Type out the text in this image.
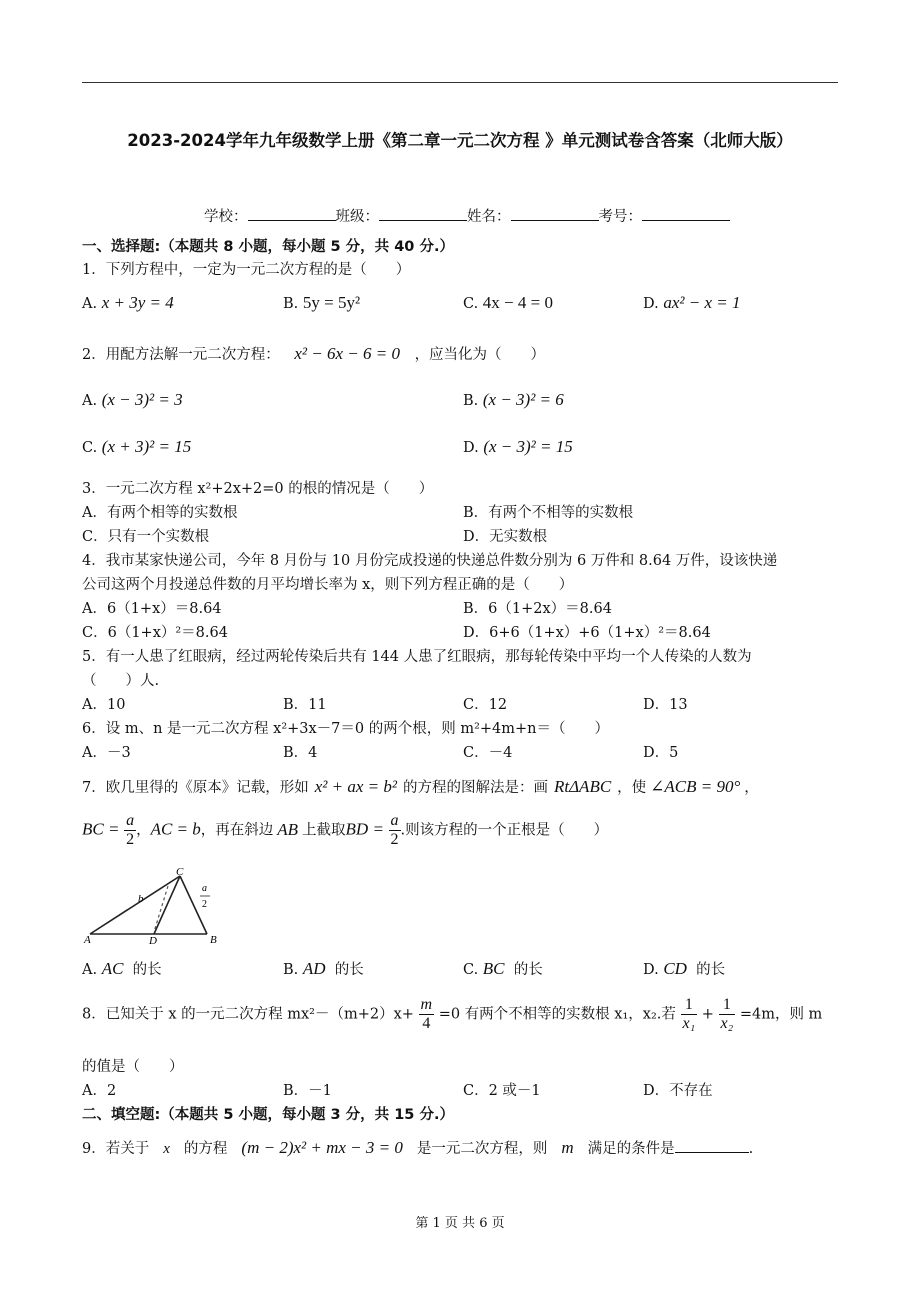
2023-2024学年九年级数学上册《第二章一元二次方程 》单元测试卷含答案（北师大版）
学校：	班级：	姓名：	考号：
一、选择题:（本题共 8 小题，每小题 5 分，共 40 分.）
1．下列方程中，一定为一元二次方程的是（　　）
A. x + 3y = 4	B. 5y = 5y²	C. 4x − 4 = 0	D. ax² − x = 1
2．用配方法解一元二次方程： x² − 6x − 6 = 0 ，应当化为（　　）
A. (x − 3)² = 3	B. (x − 3)² = 6
C. (x + 3)² = 15	D. (x − 3)² = 15
3．一元二次方程 x²+2x+2=0 的根的情况是（　　）
A．有两个相等的实数根	B．有两个不相等的实数根
C．只有一个实数根	D．无实数根
4．我市某家快递公司，今年 8 月份与 10 月份完成投递的快递总件数分别为 6 万件和 8.64 万件，设该快递
公司这两个月投递总件数的月平均增长率为 x，则下列方程正确的是（　　）
A．6（1+x）＝8.64	B．6（1+2x）＝8.64
C．6（1+x）²＝8.64	D．6+6（1+x）+6（1+x）²＝8.64
5．有一人患了红眼病，经过两轮传染后共有 144 人患了红眼病，那每轮传染中平均一个人传染的人数为
（　　）人.
A．10	B．11	C．12	D．13
6．设 m、n 是一元二次方程 x²+3x－7＝0 的两个根，则 m²+4m+n＝（　　）
A．－3	B．4	C．－4	D．5
7．欧几里得的《原本》记载，形如 x² + ax = b² 的方程的图解法是：画 RtΔABC ，使 ∠ACB = 90° ，
BC = $\frac{a}{2}$ ，AC = b，再在斜边 AB 上截取BD = $\frac{a}{2}$ .则该方程的一个正根是（　　）
C
A	D	B
b
a
2
A. AC 的长	B. AD 的长	C. BC 的长	D. CD 的长
8．已知关于 x 的一元二次方程 $mx^2-(m+2)x+ \frac{m}{4} =0$ 有两个不相等的实数根 x₁，x₂.若 $\frac{1}{\text{x₁}} + \frac{1}{\text{x₂}} =4m$，则 m
的值是（　　）
A．2	B．－1	C．2 或－1	D．不存在
二、填空题:（本题共 5 小题，每小题 3 分，共 15 分.）
9．若关于 x 的方程 (m − 2)x² + mx − 3 = 0 是一元二次方程，则 m 满足的条件是	.
第 1 页 共 6 页
